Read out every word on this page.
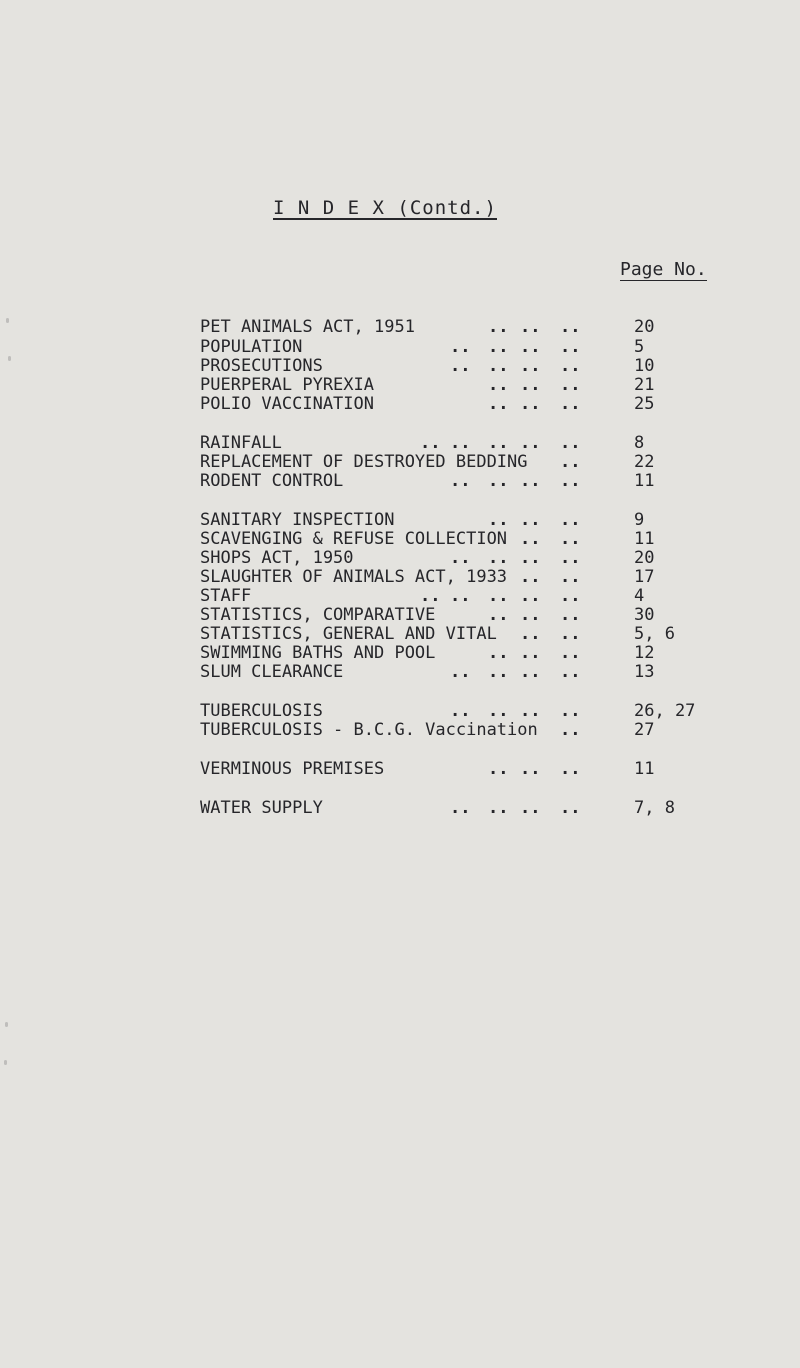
I N D E X (Contd.)
Page No.
PET ANIMALS ACT, 1951	.. .. ..	20
POPULATION	.. .. .. ..	5
PROSECUTIONS	.. .. .. ..	10
PUERPERAL PYREXIA	.. .. ..	21
POLIO VACCINATION	.. .. ..	25
RAINFALL	.. .. .. .. ..	8
REPLACEMENT OF DESTROYED BEDDING ..	22
RODENT CONTROL	.. .. .. ..	11
SANITARY INSPECTION	.. .. ..	9
SCAVENGING & REFUSE COLLECTION .. ..	11
SHOPS ACT, 1950	.. .. .. ..	20
SLAUGHTER OF ANIMALS ACT, 1933 .. ..	17
STAFF	.. .. .. .. ..	4
STATISTICS, COMPARATIVE	.. .. ..	30
STATISTICS, GENERAL AND VITAL .. ..	5, 6
SWIMMING BATHS AND POOL	.. .. ..	12
SLUM CLEARANCE	.. .. .. ..	13
TUBERCULOSIS	.. .. .. ..	26, 27
TUBERCULOSIS - B.C.G. Vaccination ..	27
VERMINOUS PREMISES	.. .. ..	11
WATER SUPPLY	.. .. .. ..	7, 8
